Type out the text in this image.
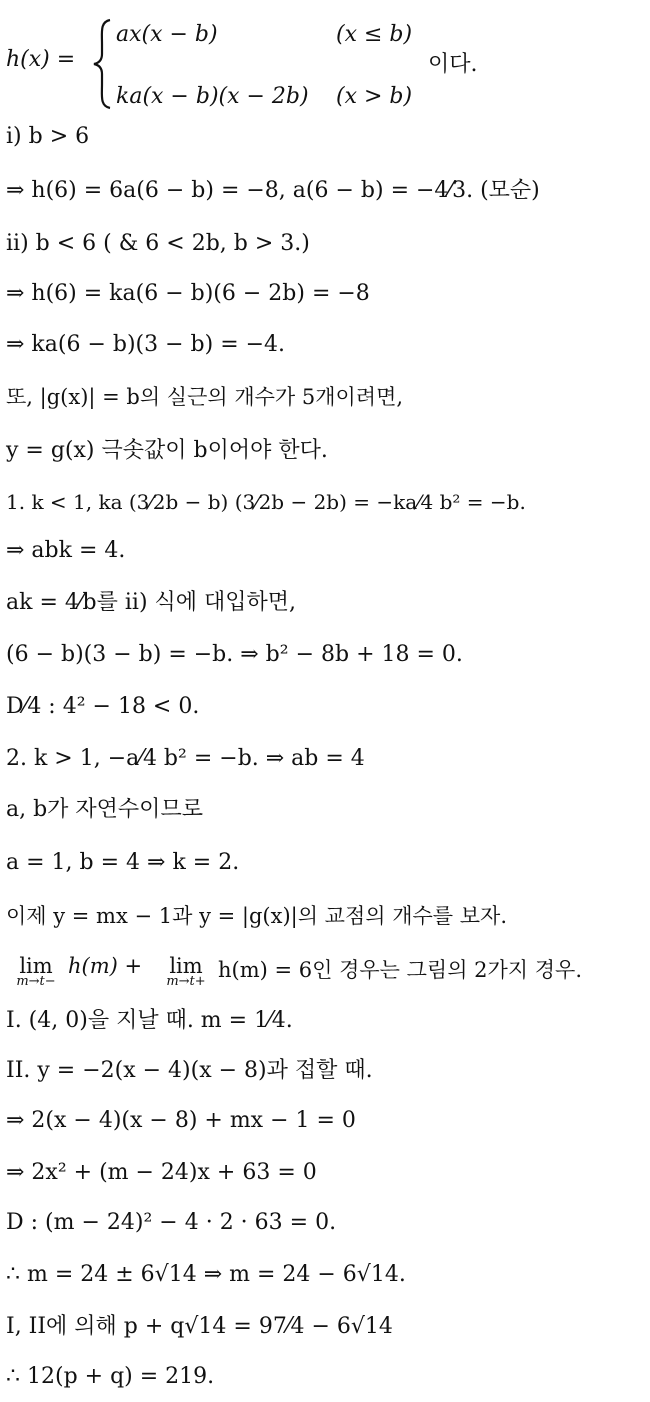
h(x) =
ax(x − b)	(x ≤ b)
ka(x − b)(x − 2b) (x > b)
이다.
i) b > 6
⇒ h(6) = 6a(6 − b) = −8, a(6 − b) = −4⁄3. (모순)
ii) b < 6 ( & 6 < 2b, b > 3.)
⇒ h(6) = ka(6 − b)(6 − 2b) = −8
⇒ ka(6 − b)(3 − b) = −4.
또, |g(x)| = b의 실근의 개수가 5개이려면,
y = g(x) 극솟값이 b이어야 한다.
1. k < 1, ka (3⁄2b − b) (3⁄2b − 2b) = −ka⁄4 b² = −b.
⇒ abk = 4.
ak = 4⁄b를 ii) 식에 대입하면,
(6 − b)(3 − b) = −b. ⇒ b² − 8b + 18 = 0.
D⁄4 : 4² − 18 < 0.
2. k > 1, −a⁄4 b² = −b. ⇒ ab = 4
a, b가 자연수이므로
a = 1, b = 4 ⇒ k = 2.
이제 y = mx − 1과 y = |g(x)|의 교점의 개수를 보자.
lim
m→t−
h(m) +	lim
m→t+ h(m) = 6인 경우는 그림의 2가지 경우.
I. (4, 0)을 지날 때. m = 1⁄4.
II. y = −2(x − 4)(x − 8)과 접할 때.
⇒ 2(x − 4)(x − 8) + mx − 1 = 0
⇒ 2x² + (m − 24)x + 63 = 0
D : (m − 24)² − 4 · 2 · 63 = 0.
∴ m = 24 ± 6√14 ⇒ m = 24 − 6√14.
I, II에 의해 p + q√14 = 97⁄4 − 6√14
∴ 12(p + q) = 219.
